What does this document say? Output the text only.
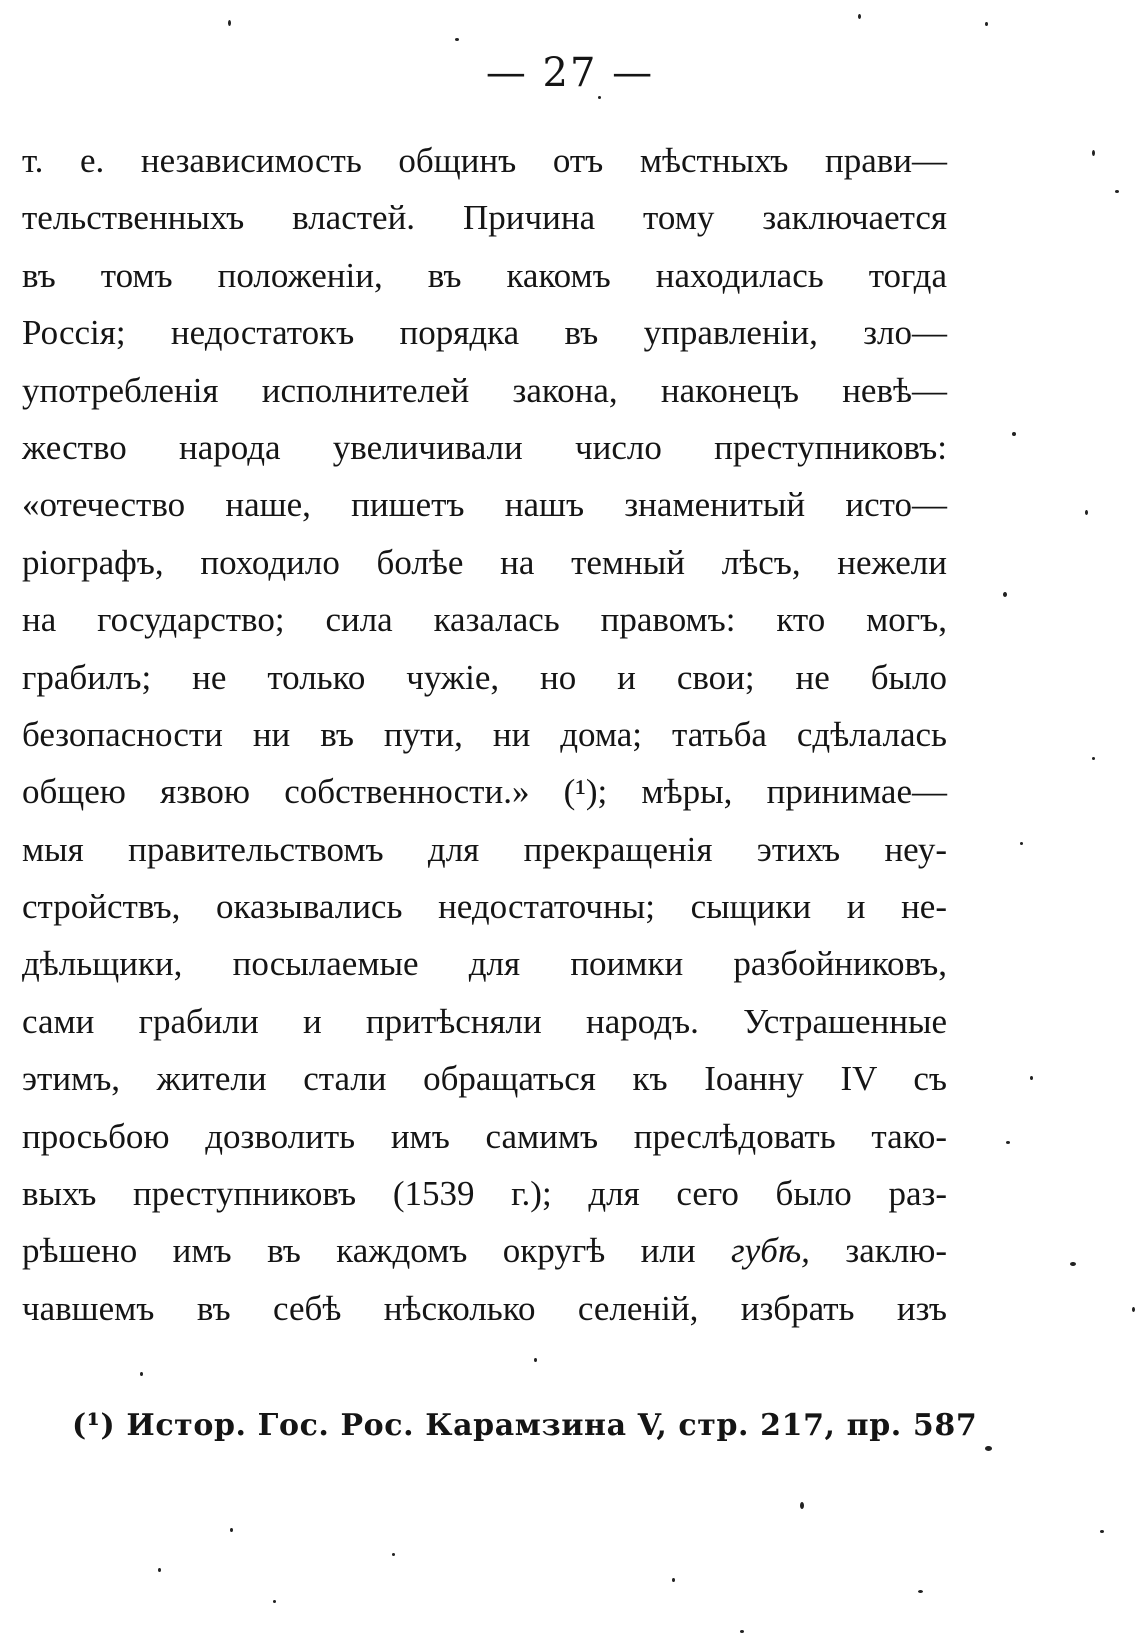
— 27 —
т. е. независимость общинъ отъ мѣстныхъ прави—
тельственныхъ властей. Причина тому заключается
въ томъ положеніи, въ какомъ находилась тогда
Россія; недостатокъ порядка въ управленіи, зло—
употребленія исполнителей закона, наконецъ невѣ—
жество народа увеличивали число преступниковъ:
«отечество наше, пишетъ нашъ знаменитый исто—
ріографъ, походило болѣе на темный лѣсъ, нежели
на государство; сила казалась правомъ: кто могъ,
грабилъ; не только чужіе, но и свои; не было
безопасности ни въ пути, ни дома; татьба сдѣлалась
общею язвою собственности.» (¹); мѣры, принимае—
мыя правительствомъ для прекращенія этихъ неу-
стройствъ, оказывались недостаточны; сыщики и не-
дѣльщики, посылаемые для поимки разбойниковъ,
сами грабили и притѣсняли народъ. Устрашенные
этимъ, жители стали обращаться къ Іоанну IV съ
просьбою дозволить имъ самимъ преслѣдовать тако-
выхъ преступниковъ (1539 г.); для сего было раз-
рѣшено имъ въ каждомъ округѣ или губѣ, заклю-
чавшемъ въ себѣ нѣсколько селеній, избрать изъ
(¹) Истор. Гос. Рос. Карамзина V, стр. 217, пр. 587
